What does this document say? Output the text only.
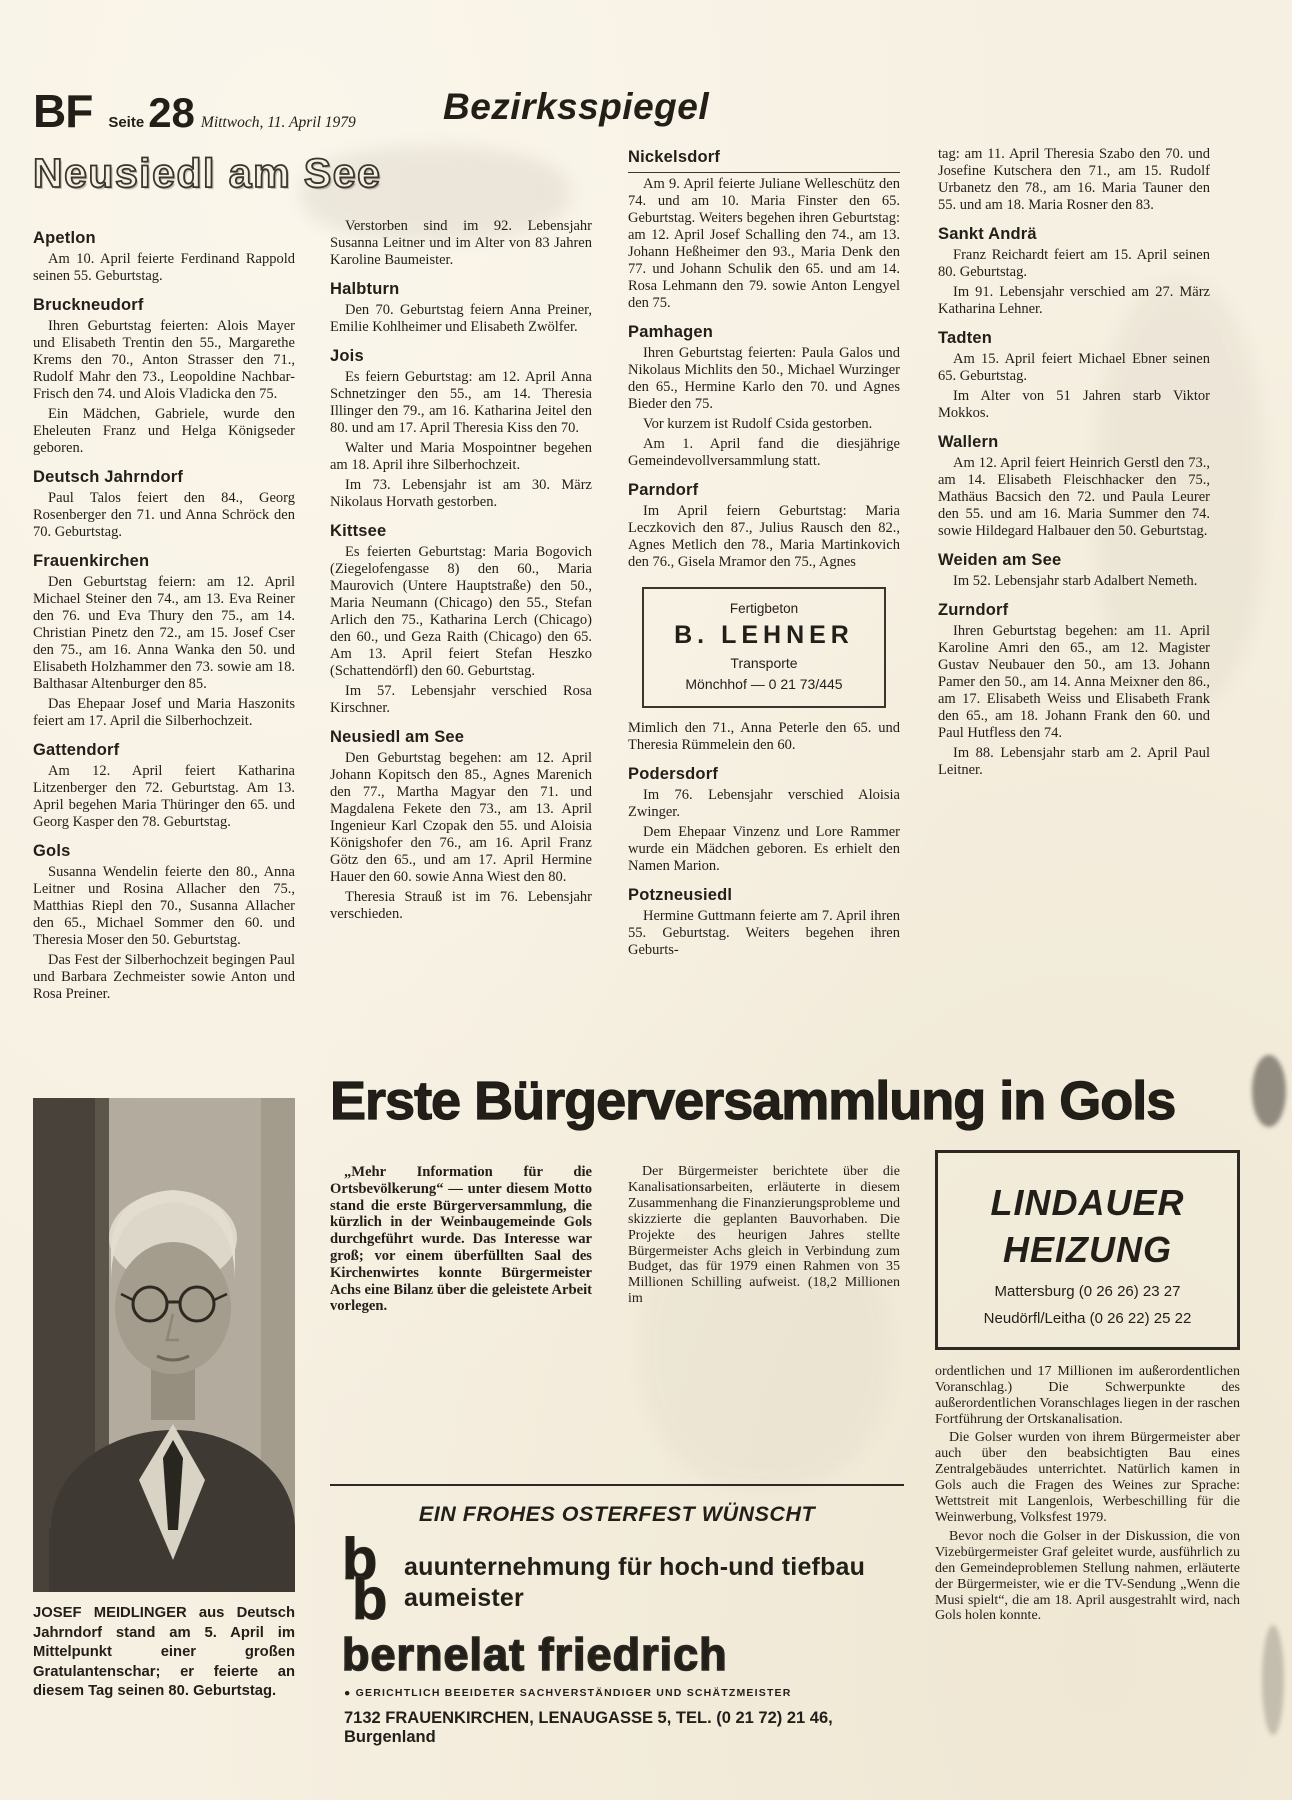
BF Seite 28 Mittwoch, 11. April 1979 Bezirksspiegel
Neusiedl am See
Apetlon

Am 10. April feierte Ferdinand Rappold seinen 55. Geburtstag.

Bruckneudorf

Ihren Geburtstag feierten: Alois Mayer und Elisabeth Trentin den 55., Margarethe Krems den 70., Anton Strasser den 71., Rudolf Mahr den 73., Leopoldine Nachbar-Frisch den 74. und Alois Vladicka den 75.

Ein Mädchen, Gabriele, wurde den Eheleuten Franz und Helga Königseder geboren.

Deutsch Jahrndorf

Paul Talos feiert den 84., Georg Rosenberger den 71. und Anna Schröck den 70. Geburtstag.

Frauenkirchen

Den Geburtstag feiern: am 12. April Michael Steiner den 74., am 13. Eva Reiner den 76. und Eva Thury den 75., am 14. Christian Pinetz den 72., am 15. Josef Cser den 75., am 16. Anna Wanka den 50. und Elisabeth Holzhammer den 73. sowie am 18. Balthasar Altenburger den 85.

Das Ehepaar Josef und Maria Haszonits feiert am 17. April die Silberhochzeit.

Gattendorf

Am 12. April feiert Katharina Litzenberger den 72. Geburtstag. Am 13. April begehen Maria Thüringer den 65. und Georg Kasper den 78. Geburtstag.

Gols

Susanna Wendelin feierte den 80., Anna Leitner und Rosina Allacher den 75., Matthias Riepl den 70., Susanna Allacher den 65., Michael Sommer den 60. und Theresia Moser den 50. Geburtstag.

Das Fest der Silberhochzeit begingen Paul und Barbara Zechmeister sowie Anton und Rosa Preiner.

Verstorben sind im 92. Lebensjahr Susanna Leitner und im Alter von 83 Jahren Karoline Baumeister.

Halbturn

Den 70. Geburtstag feiern Anna Preiner, Emilie Kohlheimer und Elisabeth Zwölfer.

Jois

Es feiern Geburtstag: am 12. April Anna Schnetzinger den 55., am 14. Theresia Illinger den 79., am 16. Katharina Jeitel den 80. und am 17. April Theresia Kiss den 70.

Walter und Maria Mospointner begehen am 18. April ihre Silberhochzeit.

Im 73. Lebensjahr ist am 30. März Nikolaus Horvath gestorben.

Kittsee

Es feierten Geburtstag: Maria Bogovich (Ziegelofengasse 8) den 60., Maria Maurovich (Untere Hauptstraße) den 50., Maria Neumann (Chicago) den 55., Stefan Arlich den 75., Katharina Lerch (Chicago) den 60., und Geza Raith (Chicago) den 65. Am 13. April feiert Stefan Heszko (Schattendörfl) den 60. Geburtstag.

Im 57. Lebensjahr verschied Rosa Kirschner.

Neusiedl am See

Den Geburtstag begehen: am 12. April Johann Kopitsch den 85., Agnes Marenich den 77., Martha Magyar den 71. und Magdalena Fekete den 73., am 13. April Ingenieur Karl Czopak den 55. und Aloisia Königshofer den 76., am 16. April Franz Götz den 65., und am 17. April Hermine Hauer den 60. sowie Anna Wiest den 80.

Theresia Strauß ist im 76. Lebensjahr verschieden.

Nickelsdorf

Am 9. April feierte Juliane Welleschütz den 74. und am 10. Maria Finster den 65. Geburtstag. Weiters begehen ihren Geburtstag: am 12. April Josef Schalling den 74., am 13. Johann Heßheimer den 93., Maria Denk den 77. und Johann Schulik den 65. und am 14. Rosa Lehmann den 79. sowie Anton Lengyel den 75.

Pamhagen

Ihren Geburtstag feierten: Paula Galos und Nikolaus Michlits den 50., Michael Wurzinger den 65., Hermine Karlo den 70. und Agnes Bieder den 75.

Vor kurzem ist Rudolf Csida gestorben.

Am 1. April fand die diesjährige Gemeindevollversammlung statt.

Parndorf

Im April feiern Geburtstag: Maria Leczkovich den 87., Julius Rausch den 82., Agnes Metlich den 78., Maria Martinkovich den 76., Gisela Mramor den 75., Agnes

Fertigbeton
B. LEHNER
Transporte
Mönchhof — 0 21 73/445

Mimlich den 71., Anna Peterle den 65. und Theresia Rümmelein den 60.

Podersdorf

Im 76. Lebensjahr verschied Aloisia Zwinger.

Dem Ehepaar Vinzenz und Lore Rammer wurde ein Mädchen geboren. Es erhielt den Namen Marion.

Potzneusiedl

Hermine Guttmann feierte am 7. April ihren 55. Geburtstag. Weiters begehen ihren Geburts-

tag: am 11. April Theresia Szabo den 70. und Josefine Kutschera den 71., am 15. Rudolf Urbanetz den 78., am 16. Maria Tauner den 55. und am 18. Maria Rosner den 83.

Sankt Andrä

Franz Reichardt feiert am 15. April seinen 80. Geburtstag.

Im 91. Lebensjahr verschied am 27. März Katharina Lehner.

Tadten

Am 15. April feiert Michael Ebner seinen 65. Geburtstag.

Im Alter von 51 Jahren starb Viktor Mokkos.

Wallern

Am 12. April feiert Heinrich Gerstl den 73., am 14. Elisabeth Fleischhacker den 75., Mathäus Bacsich den 72. und Paula Leurer den 55. und am 16. Maria Summer den 74. sowie Hildegard Halbauer den 50. Geburtstag.

Weiden am See

Im 52. Lebensjahr starb Adalbert Nemeth.

Zurndorf

Ihren Geburtstag begehen: am 11. April Karoline Amri den 65., am 12. Magister Gustav Neubauer den 50., am 13. Johann Pamer den 50., am 14. Anna Meixner den 86., am 17. Elisabeth Weiss und Elisabeth Frank den 65., am 18. Johann Frank den 60. und Paul Hutfless den 74.

Im 88. Lebensjahr starb am 2. April Paul Leitner.

JOSEF MEIDLINGER aus Deutsch Jahrndorf stand am 5. April im Mittelpunkt einer großen Gratulantenschar; er feierte an diesem Tag seinen 80. Geburtstag.

Erste Bürgerversammlung in Gols

„Mehr Information für die Ortsbevölkerung“ — unter diesem Motto stand die erste Bürgerversammlung, die kürzlich in der Weinbaugemeinde Gols durchgeführt wurde. Das Interesse war groß; vor einem überfüllten Saal des Kirchenwirtes konnte Bürgermeister Achs eine Bilanz über die geleistete Arbeit vorlegen.

Der Bürgermeister berichtete über die Kanalisationsarbeiten, erläuterte in diesem Zusammenhang die Finanzierungsprobleme und skizzierte die geplanten Bauvorhaben. Die Projekte des heurigen Jahres stellte Bürgermeister Achs gleich in Verbindung zum Budget, das für 1979 einen Rahmen von 35 Millionen Schilling aufweist. (18,2 Millionen im

LINDAUER
HEIZUNG
Mattersburg (0 26 26) 23 27
Neudörfl/Leitha (0 26 22) 25 22

ordentlichen und 17 Millionen im außerordentlichen Voranschlag.) Die Schwerpunkte des außerordentlichen Voranschlages liegen in der raschen Fortführung der Ortskanalisation.

Die Golser wurden von ihrem Bürgermeister aber auch über den beabsichtigten Bau eines Zentralgebäudes unterrichtet. Natürlich kamen in Gols auch die Fragen des Weines zur Sprache: Wettstreit mit Langenlois, Werbeschilling für die Weinwerbung, Volksfest 1979.

Bevor noch die Golser in der Diskussion, die von Vizebürgermeister Graf geleitet wurde, ausführlich zu den Gemeindeproblemen Stellung nahmen, erläuterte der Bürgermeister, wie er die TV-Sendung „Wenn die Musi spielt“, die am 18. April ausgestrahlt wird, nach Gols holen konnte.

EIN FROHES OSTERFEST WÜNSCHT
b
b auunternehmung für hoch-und tiefbau
aumeister
bernelat friedrich
● GERICHTLICH BEEIDETER SACHVERSTÄNDIGER UND SCHÄTZMEISTER
7132 FRAUENKIRCHEN, LENAUGASSE 5, TEL. (0 21 72) 21 46, Burgenland
